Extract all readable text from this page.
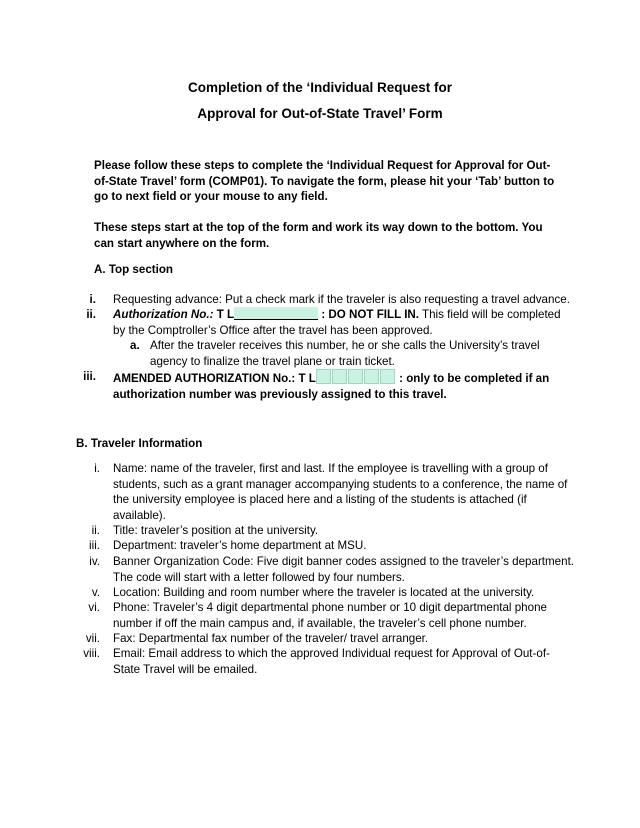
Completion of the ‘Individual Request for
Approval for Out-of-State Travel’ Form
Please follow these steps to complete the ‘Individual Request for Approval for Out-of-State Travel’ form (COMP01). To navigate the form, please hit your ‘Tab’ button to go to next field or your mouse to any field.
These steps start at the top of the form and work its way down to the bottom. You can start anywhere on the form.
A. Top section
i. Requesting advance: Put a check mark if the traveler is also requesting a travel advance.
ii. Authorization No.: T L	: DO NOT FILL IN. This field will be completed by the Comptroller’s Office after the travel has been approved.
a. After the traveler receives this number, he or she calls the University’s travel agency to finalize the travel plane or train ticket.
iii. AMENDED AUTHORIZATION No.: T L	: only to be completed if an authorization number was previously assigned to this travel.
B. Traveler Information
i. Name: name of the traveler, first and last. If the employee is travelling with a group of students, such as a grant manager accompanying students to a conference, the name of the university employee is placed here and a listing of the students is attached (if available).
ii. Title: traveler’s position at the university.
iii. Department: traveler’s home department at MSU.
iv. Banner Organization Code: Five digit banner codes assigned to the traveler’s department. The code will start with a letter followed by four numbers.
v. Location: Building and room number where the traveler is located at the university.
vi. Phone: Traveler’s 4 digit departmental phone number or 10 digit departmental phone number if off the main campus and, if available, the traveler’s cell phone number.
vii. Fax: Departmental fax number of the traveler/ travel arranger.
viii. Email: Email address to which the approved Individual request for Approval of Out-of-State Travel will be emailed.
